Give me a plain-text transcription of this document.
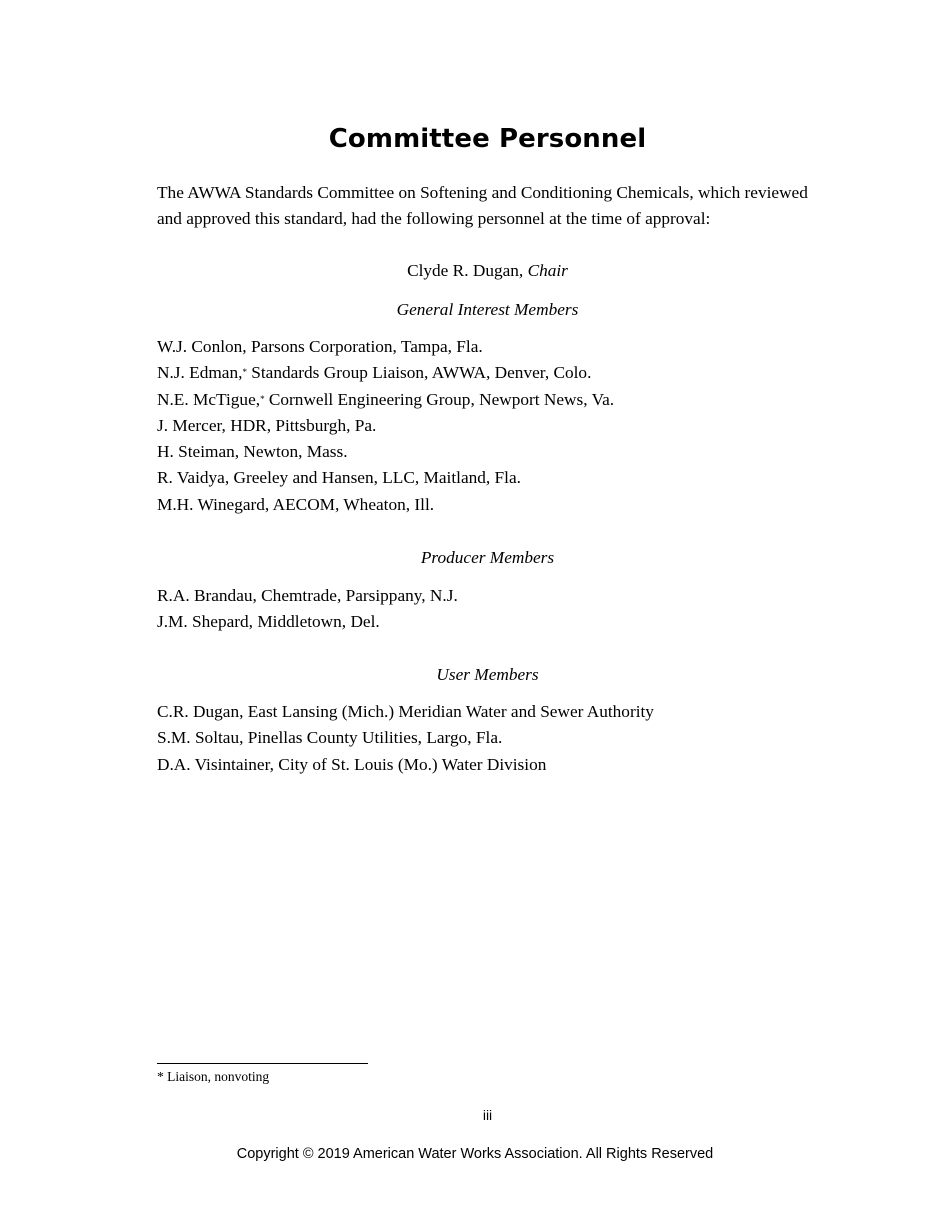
Committee Personnel

The AWWA Standards Committee on Softening and Conditioning Chemicals, which reviewed and approved this standard, had the following personnel at the time of approval:

Clyde R. Dugan, Chair

General Interest Members

W.J. Conlon, Parsons Corporation, Tampa, Fla.
N.J. Edman,* Standards Group Liaison, AWWA, Denver, Colo.
N.E. McTigue,* Cornwell Engineering Group, Newport News, Va.
J. Mercer, HDR, Pittsburgh, Pa.
H. Steiman, Newton, Mass.
R. Vaidya, Greeley and Hansen, LLC, Maitland, Fla.
M.H. Winegard, AECOM, Wheaton, Ill.

Producer Members

R.A. Brandau, Chemtrade, Parsippany, N.J.
J.M. Shepard, Middletown, Del.

User Members

C.R. Dugan, East Lansing (Mich.) Meridian Water and Sewer Authority
S.M. Soltau, Pinellas County Utilities, Largo, Fla.
D.A. Visintainer, City of St. Louis (Mo.) Water Division

* Liaison, nonvoting

iii

Copyright © 2019 American Water Works Association. All Rights Reserved
